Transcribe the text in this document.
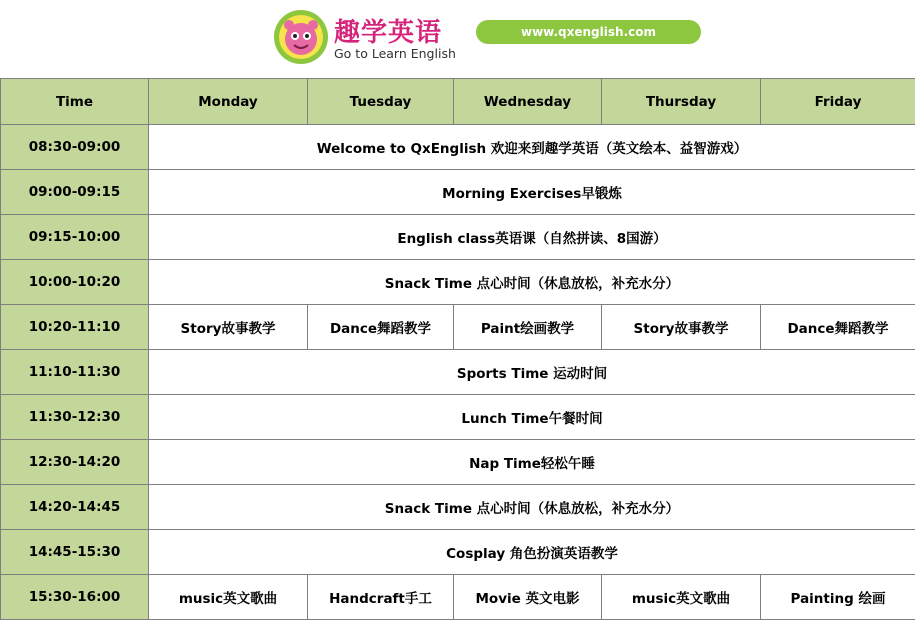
趣学英语
Go to Learn English
www.qxenglish.com
Time	Monday	Tuesday	Wednesday	Thursday	Friday
08:30-09:00	Welcome to QxEnglish 欢迎来到趣学英语（英文绘本、益智游戏）				
09:00-09:15	Morning Exercises早锻炼				
09:15-10:00	English class英语课（自然拼读、8国游）				
10:00-10:20	Snack Time 点心时间（休息放松，补充水分）				
10:20-11:10	Story故事教学	Dance舞蹈教学	Paint绘画教学	Story故事教学	Dance舞蹈教学
11:10-11:30	Sports Time 运动时间				
11:30-12:30	Lunch Time午餐时间				
12:30-14:20	Nap Time轻松午睡				
14:20-14:45	Snack Time 点心时间（休息放松，补充水分）				
14:45-15:30	Cosplay 角色扮演英语教学				
15:30-16:00	music英文歌曲	Handcraft手工	Movie 英文电影	music英文歌曲	Painting 绘画
